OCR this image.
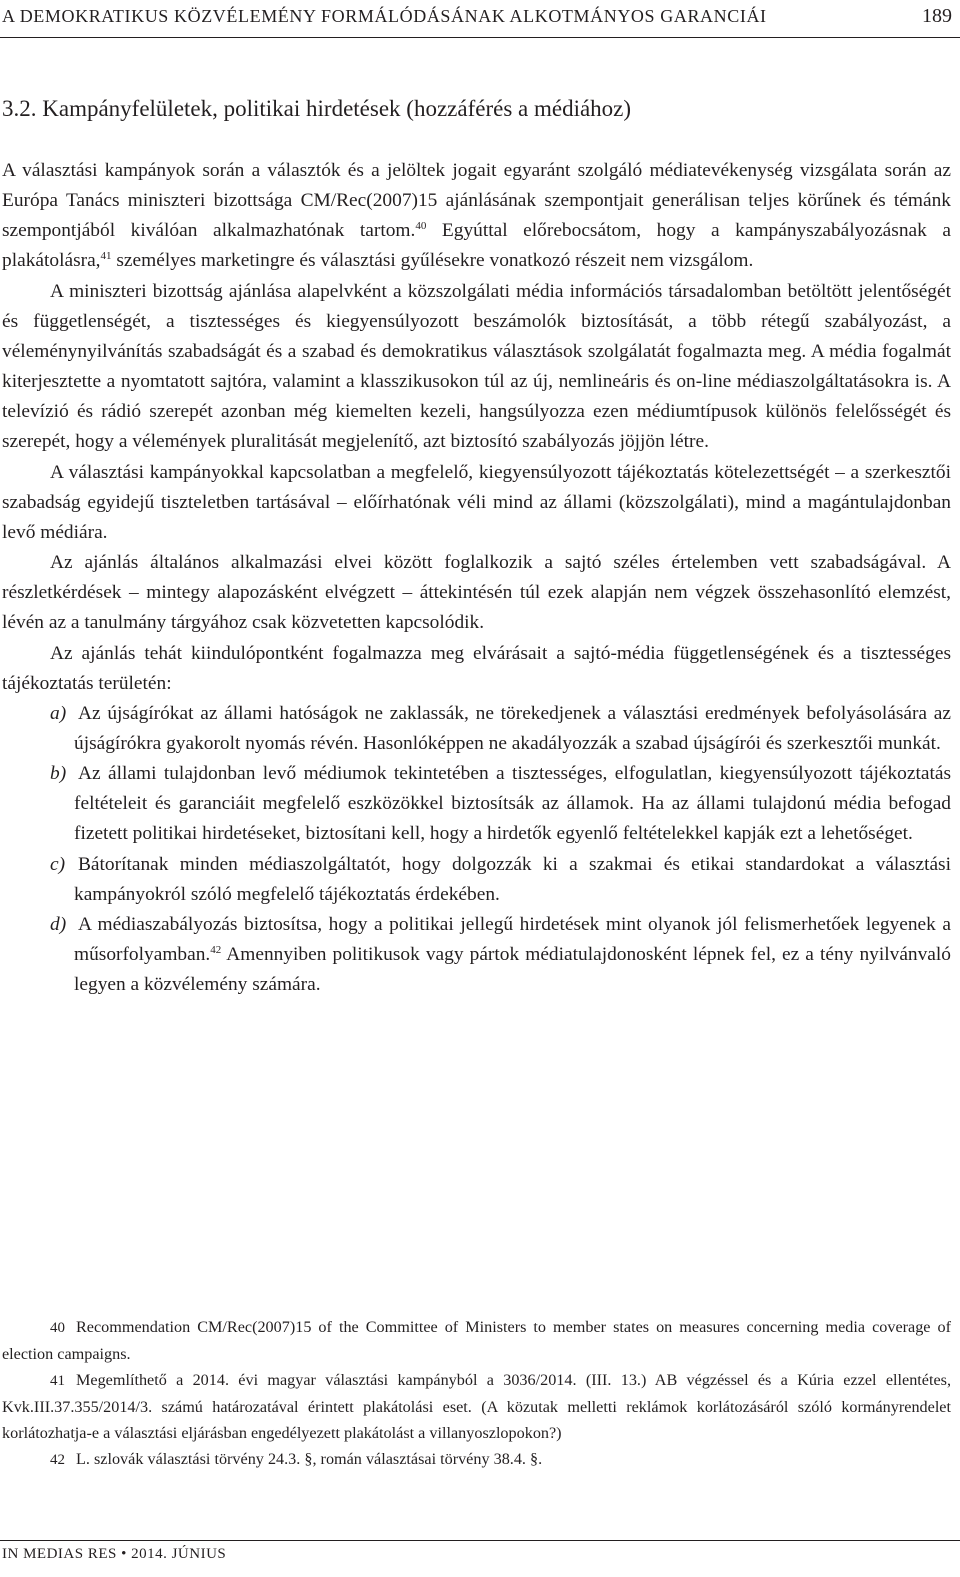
A DEMOKRATIKUS KÖZVÉLEMÉNY FORMÁLÓDÁSÁNAK ALKOTMÁNYOS GARANCIÁI	189
3.2. Kampányfelületek, politikai hirdetések (hozzáférés a médiához)

A választási kampányok során a választók és a jelöltek jogait egyaránt szolgáló médiatevékenység vizsgálata során az Európa Tanács miniszteri bizottsága CM/Rec(2007)15 ajánlásának szempontjait generálisan teljes körűnek és témánk szempontjából kiválóan alkalmazhatónak tartom.$^{40}$ Egyúttal előrebocsátom, hogy a kampányszabályozásnak a plakátolásra,$^{41}$ személyes marketingre és választási gyűlésekre vonatkozó részeit nem vizsgálom.

A miniszteri bizottság ajánlása alapelvként a közszolgálati média információs társadalomban betöltött jelentőségét és függetlenségét, a tisztességes és kiegyensúlyozott beszámolók biztosítását, a több rétegű szabályozást, a véleménynyilvánítás szabadságát és a szabad és demokratikus választások szolgálatát fogalmazta meg. A média fogalmát kiterjesztette a nyomtatott sajtóra, valamint a klasszikusokon túl az új, nemlineáris és on-line médiaszolgáltatásokra is. A televízió és rádió szerepét azonban még kiemelten kezeli, hangsúlyozza ezen médiumtípusok különös felelősségét és szerepét, hogy a vélemények pluralitását megjelenítő, azt biztosító szabályozás jöjjön létre.

A választási kampányokkal kapcsolatban a megfelelő, kiegyensúlyozott tájékoztatás kötelezettségét – a szerkesztői szabadság egyidejű tiszteletben tartásával – előírhatónak véli mind az állami (közszolgálati), mind a magántulajdonban levő médiára.

Az ajánlás általános alkalmazási elvei között foglalkozik a sajtó széles értelemben vett szabadságával. A részletkérdések – mintegy alapozásként elvégzett – áttekintésén túl ezek alapján nem végzek összehasonlító elemzést, lévén az a tanulmány tárgyához csak közvetetten kapcsolódik.

Az ajánlás tehát kiindulópontként fogalmazza meg elvárásait a sajtó-média függetlenségének és a tisztességes tájékoztatás területén:

a) Az újságírókat az állami hatóságok ne zaklassák, ne törekedjenek a választási eredmények befolyásolására az újságírókra gyakorolt nyomás révén. Hasonlóképpen ne akadályozzák a szabad újságírói és szerkesztői munkát.
b) Az állami tulajdonban levő médiumok tekintetében a tisztességes, elfogulatlan, kiegyensúlyozott tájékoztatás feltételeit és garanciáit megfelelő eszközökkel biztosítsák az államok. Ha az állami tulajdonú média befogad fizetett politikai hirdetéseket, biztosítani kell, hogy a hirdetők egyenlő feltételekkel kapják ezt a lehetőséget.
c) Bátorítanak minden médiaszolgáltatót, hogy dolgozzák ki a szakmai és etikai standardokat a választási kampányokról szóló megfelelő tájékoztatás érdekében.
d) A médiaszabályozás biztosítsa, hogy a politikai jellegű hirdetések mint olyanok jól felismerhetőek legyenek a műsorfolyamban.$^{42}$ Amennyiben politikusok vagy pártok médiatulajdonosként lépnek fel, ez a tény nyilvánvaló legyen a közvélemény számára.

40 Recommendation CM/Rec(2007)15 of the Committee of Ministers to member states on measures concerning media coverage of election campaigns.

41 Megemlíthető a 2014. évi magyar választási kampányból a 3036/2014. (III. 13.) AB végzéssel és a Kúria ezzel ellentétes, Kvk.III.37.355/2014/3. számú határozatával érintett plakátolási eset. (A közutak melletti reklámok korlátozásáról szóló kormányrendelet korlátozhatja-e a választási eljárásban engedélyezett plakátolást a villanyoszlopokon?)

42 L. szlovák választási törvény 24.3. §, román választásai törvény 38.4. §.

IN MEDIAS RES • 2014. JÚNIUS
